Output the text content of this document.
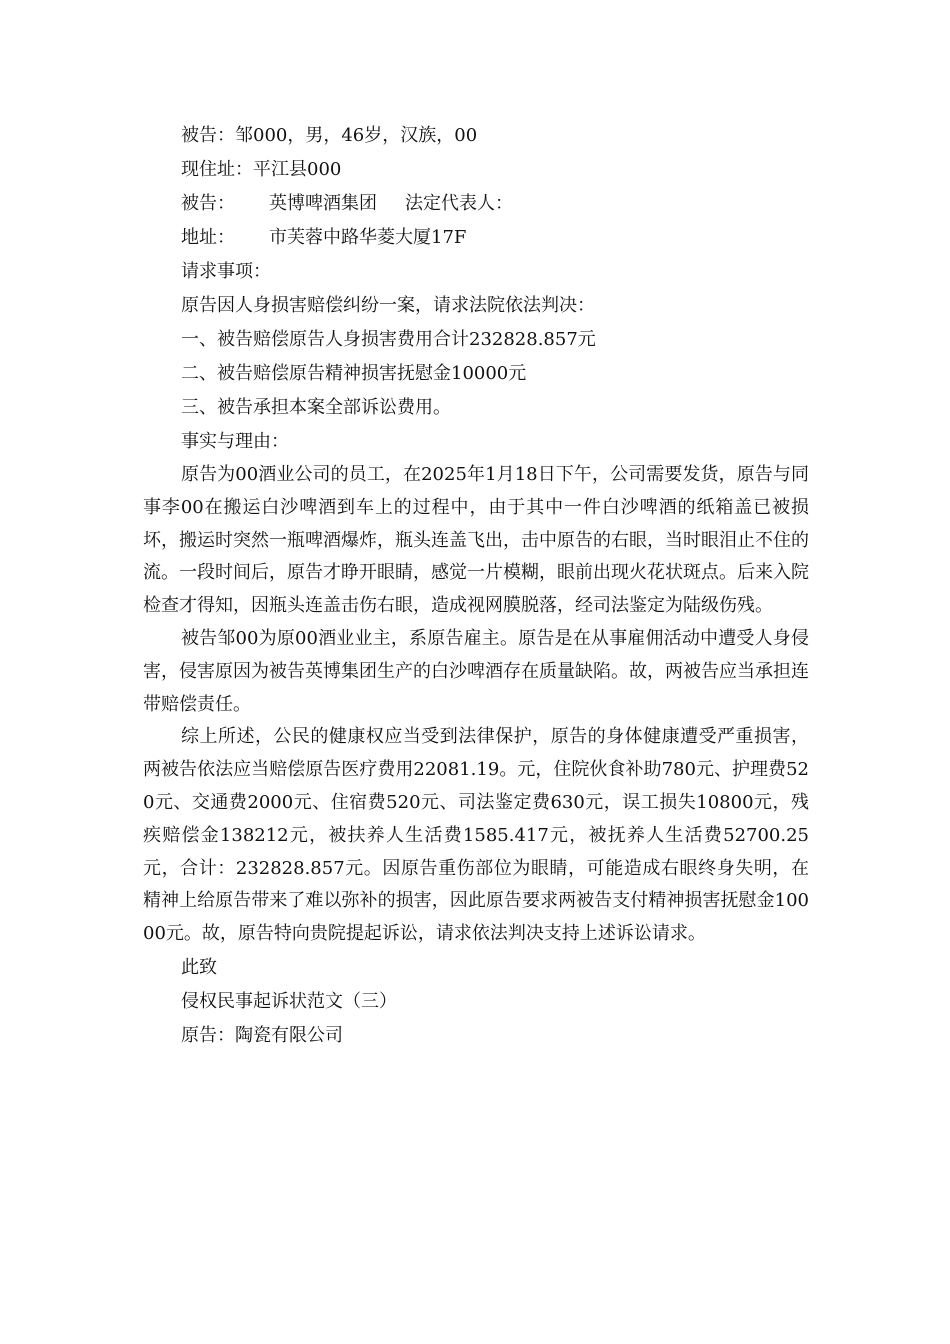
被告：邹000，男，46岁，汉族，00

现住址：平江县000

被告： 英博啤酒集团 法定代表人：

地址： 市芙蓉中路华菱大厦17F

请求事项：

原告因人身损害赔偿纠纷一案，请求法院依法判决：

一、被告赔偿原告人身损害费用合计232828.857元

二、被告赔偿原告精神损害抚慰金10000元

三、被告承担本案全部诉讼费用。

事实与理由：

原告为00酒业公司的员工，在2025年1月18日下午，公司需要发货，原告与同事李00在搬运白沙啤酒到车上的过程中，由于其中一件白沙啤酒的纸箱盖已被损坏，搬运时突然一瓶啤酒爆炸，瓶头连盖飞出，击中原告的右眼，当时眼泪止不住的流。一段时间后，原告才睁开眼睛，感觉一片模糊，眼前出现火花状斑点。后来入院检查才得知，因瓶头连盖击伤右眼，造成视网膜脱落，经司法鉴定为陆级伤残。

被告邹00为原00酒业业主，系原告雇主。原告是在从事雇佣活动中遭受人身侵害，侵害原因为被告英博集团生产的白沙啤酒存在质量缺陷。故，两被告应当承担连带赔偿责任。

综上所述，公民的健康权应当受到法律保护，原告的身体健康遭受严重损害，两被告依法应当赔偿原告医疗费用22081.19。元，住院伙食补助780元、护理费520元、交通费2000元、住宿费520元、司法鉴定费630元，误工损失10800元，残疾赔偿金138212元，被扶养人生活费1585.417元，被抚养人生活费52700.25元，合计：232828.857元。因原告重伤部位为眼睛，可能造成右眼终身失明，在精神上给原告带来了难以弥补的损害，因此原告要求两被告支付精神损害抚慰金10000元。故，原告特向贵院提起诉讼，请求依法判决支持上述诉讼请求。

此致

侵权民事起诉状范文（三）

原告：陶瓷有限公司
